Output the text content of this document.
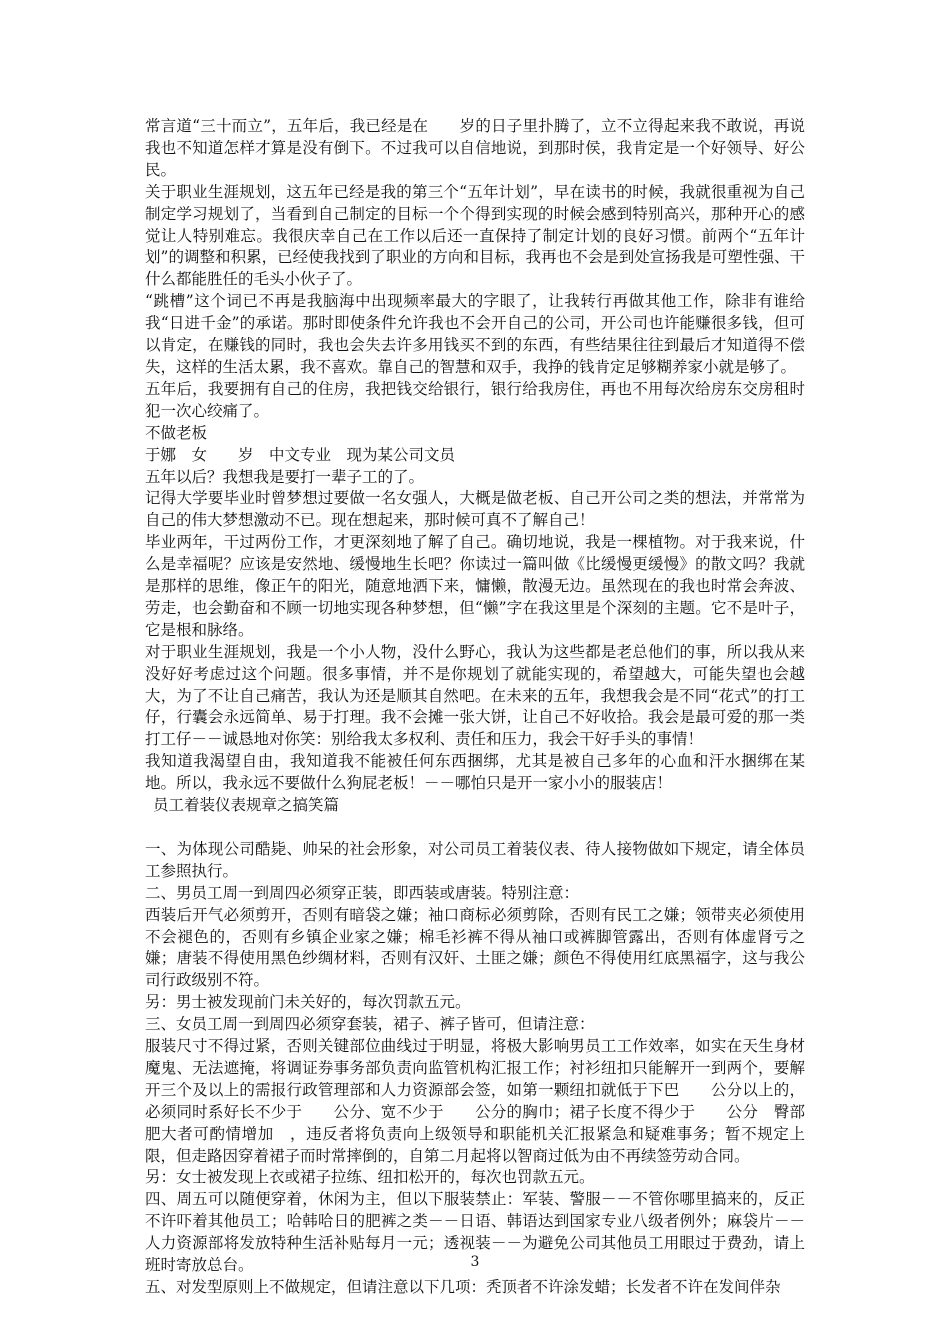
常言道“三十而立”，五年后，我已经是在　　岁的日子里扑腾了，立不立得起来我不敢说，再说我也不知道怎样才算是没有倒下。不过我可以自信地说，到那时侯，我肯定是一个好领导、好公民。

关于职业生涯规划，这五年已经是我的第三个“五年计划”，早在读书的时候，我就很重视为自己制定学习规划了，当看到自己制定的目标一个个得到实现的时候会感到特别高兴，那种开心的感觉让人特别难忘。我很庆幸自己在工作以后还一直保持了制定计划的良好习惯。前两个“五年计划”的调整和积累，已经使我找到了职业的方向和目标，我再也不会是到处宣扬我是可塑性强、干什么都能胜任的毛头小伙子了。

“跳槽”这个词已不再是我脑海中出现频率最大的字眼了，让我转行再做其他工作，除非有谁给我“日进千金”的承诺。那时即使条件允许我也不会开自己的公司，开公司也许能赚很多钱，但可以肯定，在赚钱的同时，我也会失去许多用钱买不到的东西，有些结果往往到最后才知道得不偿失，这样的生活太累，我不喜欢。靠自己的智慧和双手，我挣的钱肯定足够糊养家小就是够了。

五年后，我要拥有自己的住房，我把钱交给银行，银行给我房住，再也不用每次给房东交房租时犯一次心绞痛了。

不做老板

于娜　女　　岁　中文专业　现为某公司文员

五年以后？我想我是要打一辈子工的了。

记得大学要毕业时曾梦想过要做一名女强人，大概是做老板、自己开公司之类的想法，并常常为自己的伟大梦想激动不已。现在想起来，那时候可真不了解自己！

毕业两年，干过两份工作，才更深刻地了解了自己。确切地说，我是一棵植物。对于我来说，什么是幸福呢？应该是安然地、缓慢地生长吧？你读过一篇叫做《比缓慢更缓慢》的散文吗？我就是那样的思维，像正午的阳光，随意地洒下来，慵懒，散漫无边。虽然现在的我也时常会奔波、劳走，也会勤奋和不顾一切地实现各种梦想，但“懒”字在我这里是个深刻的主题。它不是叶子，它是根和脉络。

对于职业生涯规划，我是一个小人物，没什么野心，我认为这些都是老总他们的事，所以我从来没好好考虑过这个问题。很多事情，并不是你规划了就能实现的，希望越大，可能失望也会越大，为了不让自己痛苦，我认为还是顺其自然吧。在未来的五年，我想我会是不同“花式”的打工仔，行囊会永远简单、易于打理。我不会摊一张大饼，让自己不好收拾。我会是最可爱的那一类打工仔－－诚恳地对你笑：别给我太多权利、责任和压力，我会干好手头的事情！

我知道我渴望自由，我知道我不能被任何东西捆绑，尤其是被自己多年的心血和汗水捆绑在某地。所以，我永远不要做什么狗屁老板！－－哪怕只是开一家小小的服装店！

员工着装仪表规章之搞笑篇

一、为体现公司酷毙、帅呆的社会形象，对公司员工着装仪表、待人接物做如下规定，请全体员工参照执行。

二、男员工周一到周四必须穿正装，即西装或唐装。特别注意：

西装后开气必须剪开，否则有暗袋之嫌；袖口商标必须剪除，否则有民工之嫌；领带夹必须使用不会褪色的，否则有乡镇企业家之嫌；棉毛衫裤不得从袖口或裤脚管露出，否则有体虚肾亏之嫌；唐装不得使用黑色纱绸材料，否则有汉奸、土匪之嫌；颜色不得使用红底黑福字，这与我公司行政级别不符。

另：男士被发现前门未关好的，每次罚款五元。

三、女员工周一到周四必须穿套装，裙子、裤子皆可，但请注意：

服装尺寸不得过紧，否则关键部位曲线过于明显，将极大影响男员工工作效率，如实在天生身材魔鬼、无法遮掩，将调证券事务部负责向监管机构汇报工作；衬衫纽扣只能解开一到两个，要解开三个及以上的需报行政管理部和人力资源部会签，如第一颗纽扣就低于下巴　　公分以上的，必须同时系好长不少于　　公分、宽不少于　　公分的胸巾；裙子长度不得少于　　公分　臀部肥大者可酌情增加　，违反者将负责向上级领导和职能机关汇报紧急和疑难事务；暂不规定上限，但走路因穿着裙子而时常摔倒的，自第二月起将以智商过低为由不再续签劳动合同。

另：女士被发现上衣或裙子拉练、纽扣松开的，每次也罚款五元。

四、周五可以随便穿着，休闲为主，但以下服装禁止：军装、警服－－不管你哪里搞来的，反正不许吓着其他员工；哈韩哈日的肥裤之类－－日语、韩语达到国家专业八级者例外；麻袋片－－人力资源部将发放特种生活补贴每月一元；透视装－－为避免公司其他员工用眼过于费劲，请上班时寄放总台。

五、对发型原则上不做规定，但请注意以下几项：秃顶者不许涂发蜡；长发者不许在发间伴杂

3
